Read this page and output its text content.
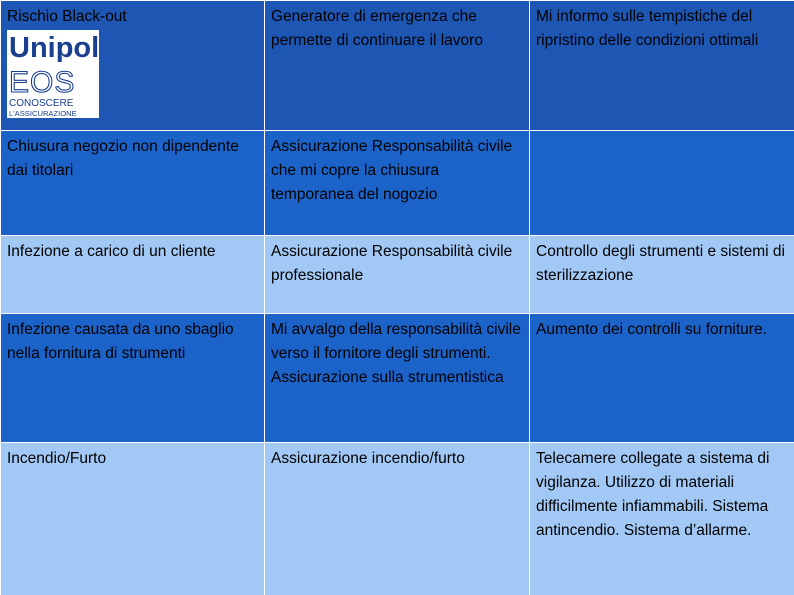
Rischio Black-out
Unipol
EOS
CONOSCERE
L'ASSICURAZIONE	Generatore di emergenza che permette di continuare il lavoro	Mi informo sulle tempistiche del ripristino delle condizioni ottimali
Chiusura negozio non dipendente dai titolari	Assicurazione Responsabilità civile che mi copre la chiusura temporanea del nogozio	
Infezione a carico di un cliente	Assicurazione Responsabilità civile professionale	Controllo degli strumenti e sistemi di sterilizzazione
Infezione causata da uno sbaglio nella fornitura di strumenti	Mi avvalgo della responsabilità civile verso il fornitore degli strumenti. Assicurazione sulla strumentistica	Aumento dei controlli su forniture.
Incendio/Furto	Assicurazione incendio/furto	Telecamere collegate a sistema di vigilanza. Utilizzo di materiali difficilmente infiammabili. Sistema antincendio. Sistema d’allarme.
